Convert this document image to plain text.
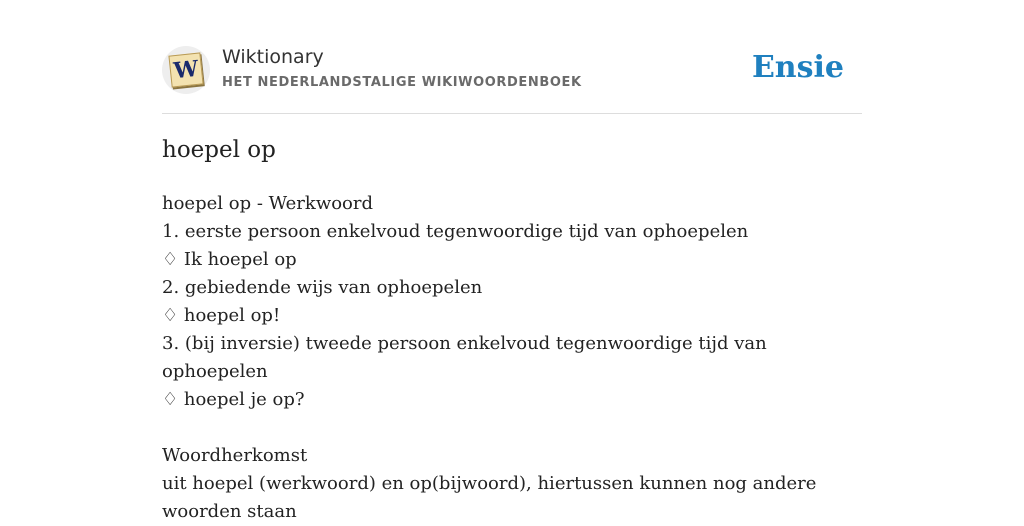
W Wiktionary
HET NEDERLANDSTALIGE WIKIWOORDENBOEK	Ensie
hoepel op
hoepel op - Werkwoord
1. eerste persoon enkelvoud tegenwoordige tijd van ophoepelen
♢ Ik hoepel op
2. gebiedende wijs van ophoepelen
♢ hoepel op!
3. (bij inversie) tweede persoon enkelvoud tegenwoordige tijd van ophoepelen
♢ hoepel je op?
Woordherkomst
uit hoepel (werkwoord) en op(bijwoord), hiertussen kunnen nog andere woorden staan
